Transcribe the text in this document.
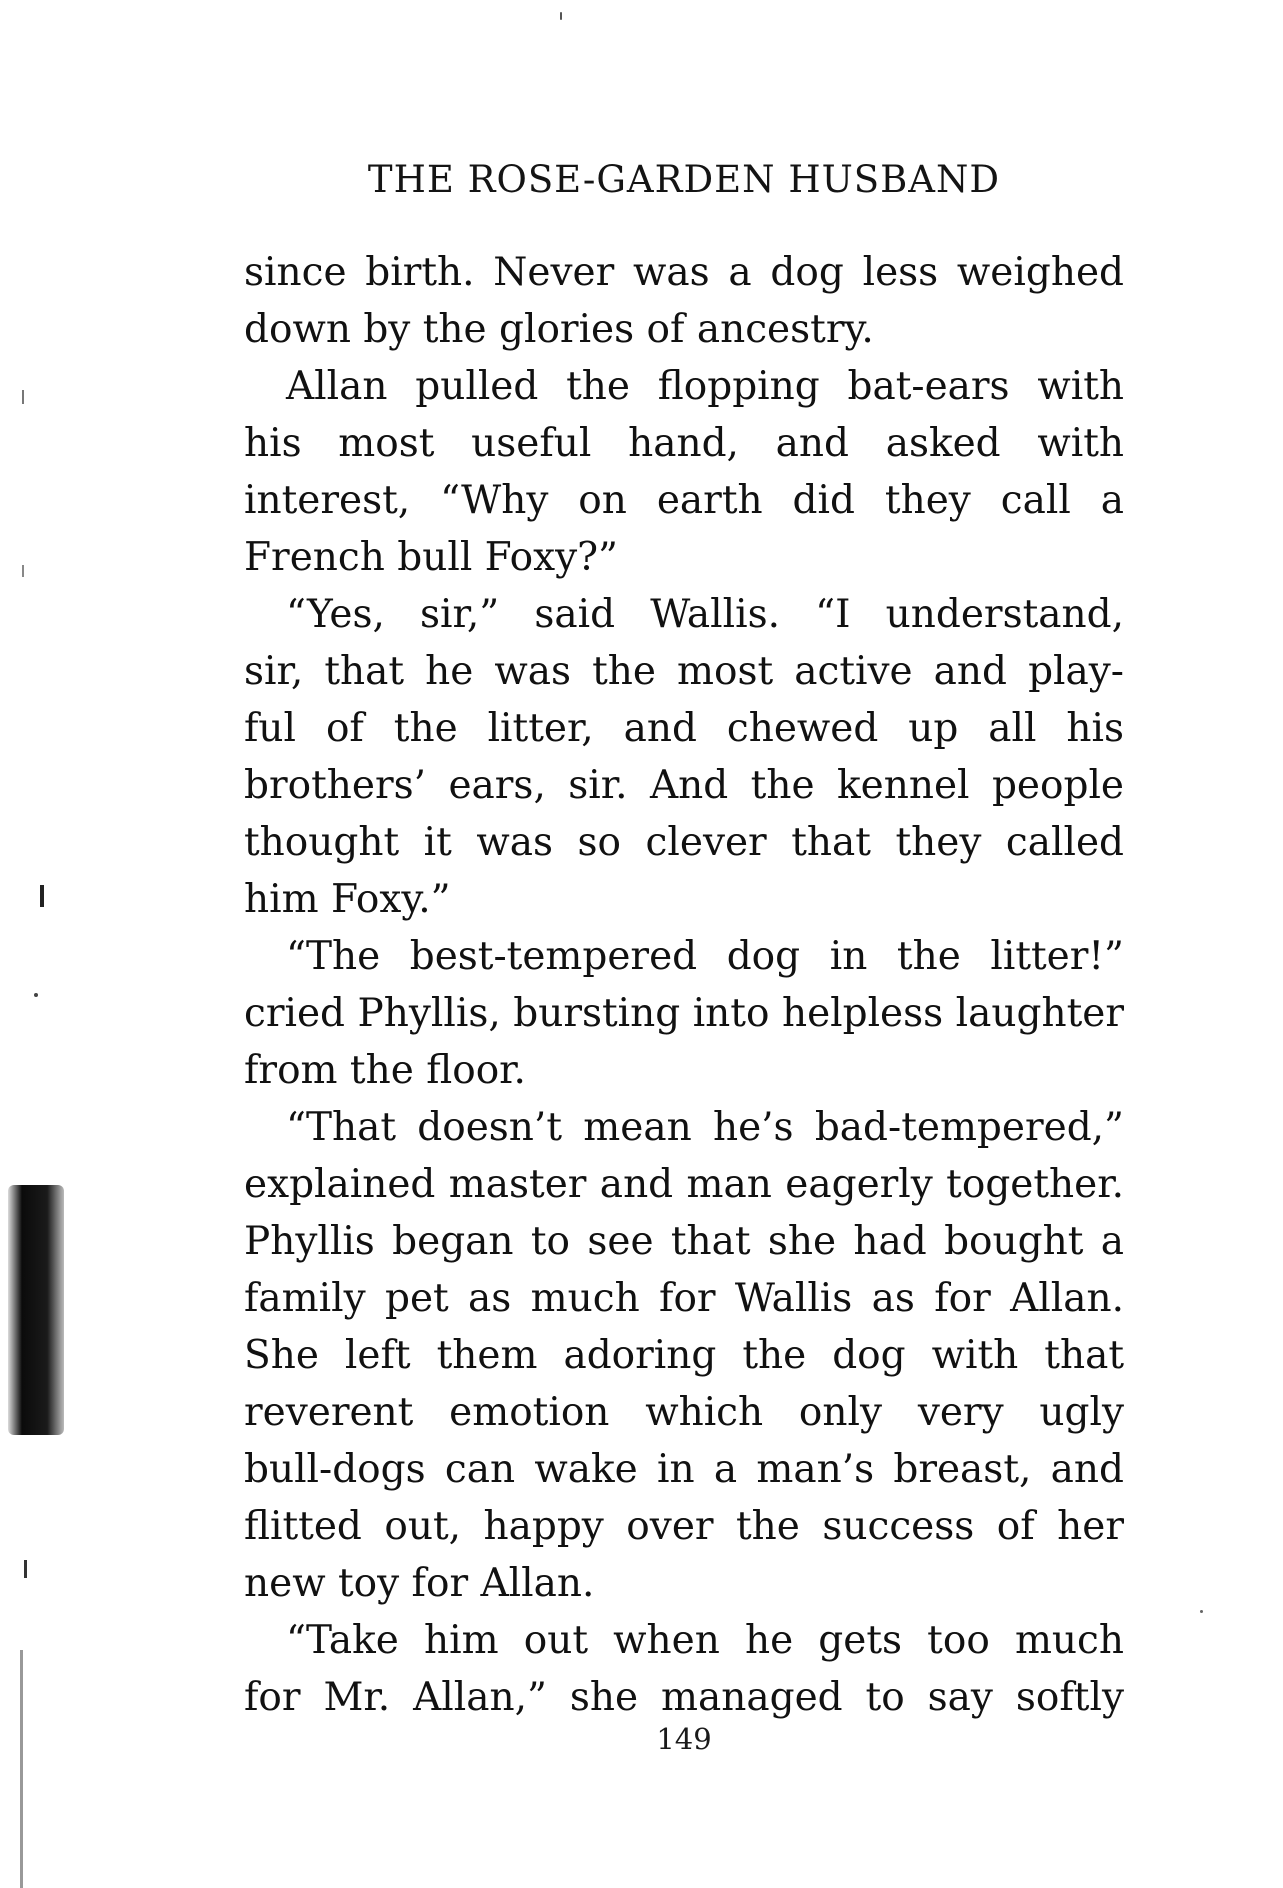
THE ROSE-GARDEN HUSBAND
since birth. Never was a dog less weighed
down by the glories of ancestry.
Allan pulled the flopping bat-ears with
his most useful hand, and asked with
interest, “Why on earth did they call a
French bull Foxy?”
“Yes, sir,” said Wallis. “I understand,
sir, that he was the most active and play-
ful of the litter, and chewed up all his
brothers’ ears, sir. And the kennel people
thought it was so clever that they called
him Foxy.”
“The best-tempered dog in the litter!”
cried Phyllis, bursting into helpless laughter
from the floor.
“That doesn’t mean he’s bad-tempered,”
explained master and man eagerly together.
Phyllis began to see that she had bought a
family pet as much for Wallis as for Allan.
She left them adoring the dog with that
reverent emotion which only very ugly
bull-dogs can wake in a man’s breast, and
flitted out, happy over the success of her
new toy for Allan.
“Take him out when he gets too much
for Mr. Allan,” she managed to say softly
149
